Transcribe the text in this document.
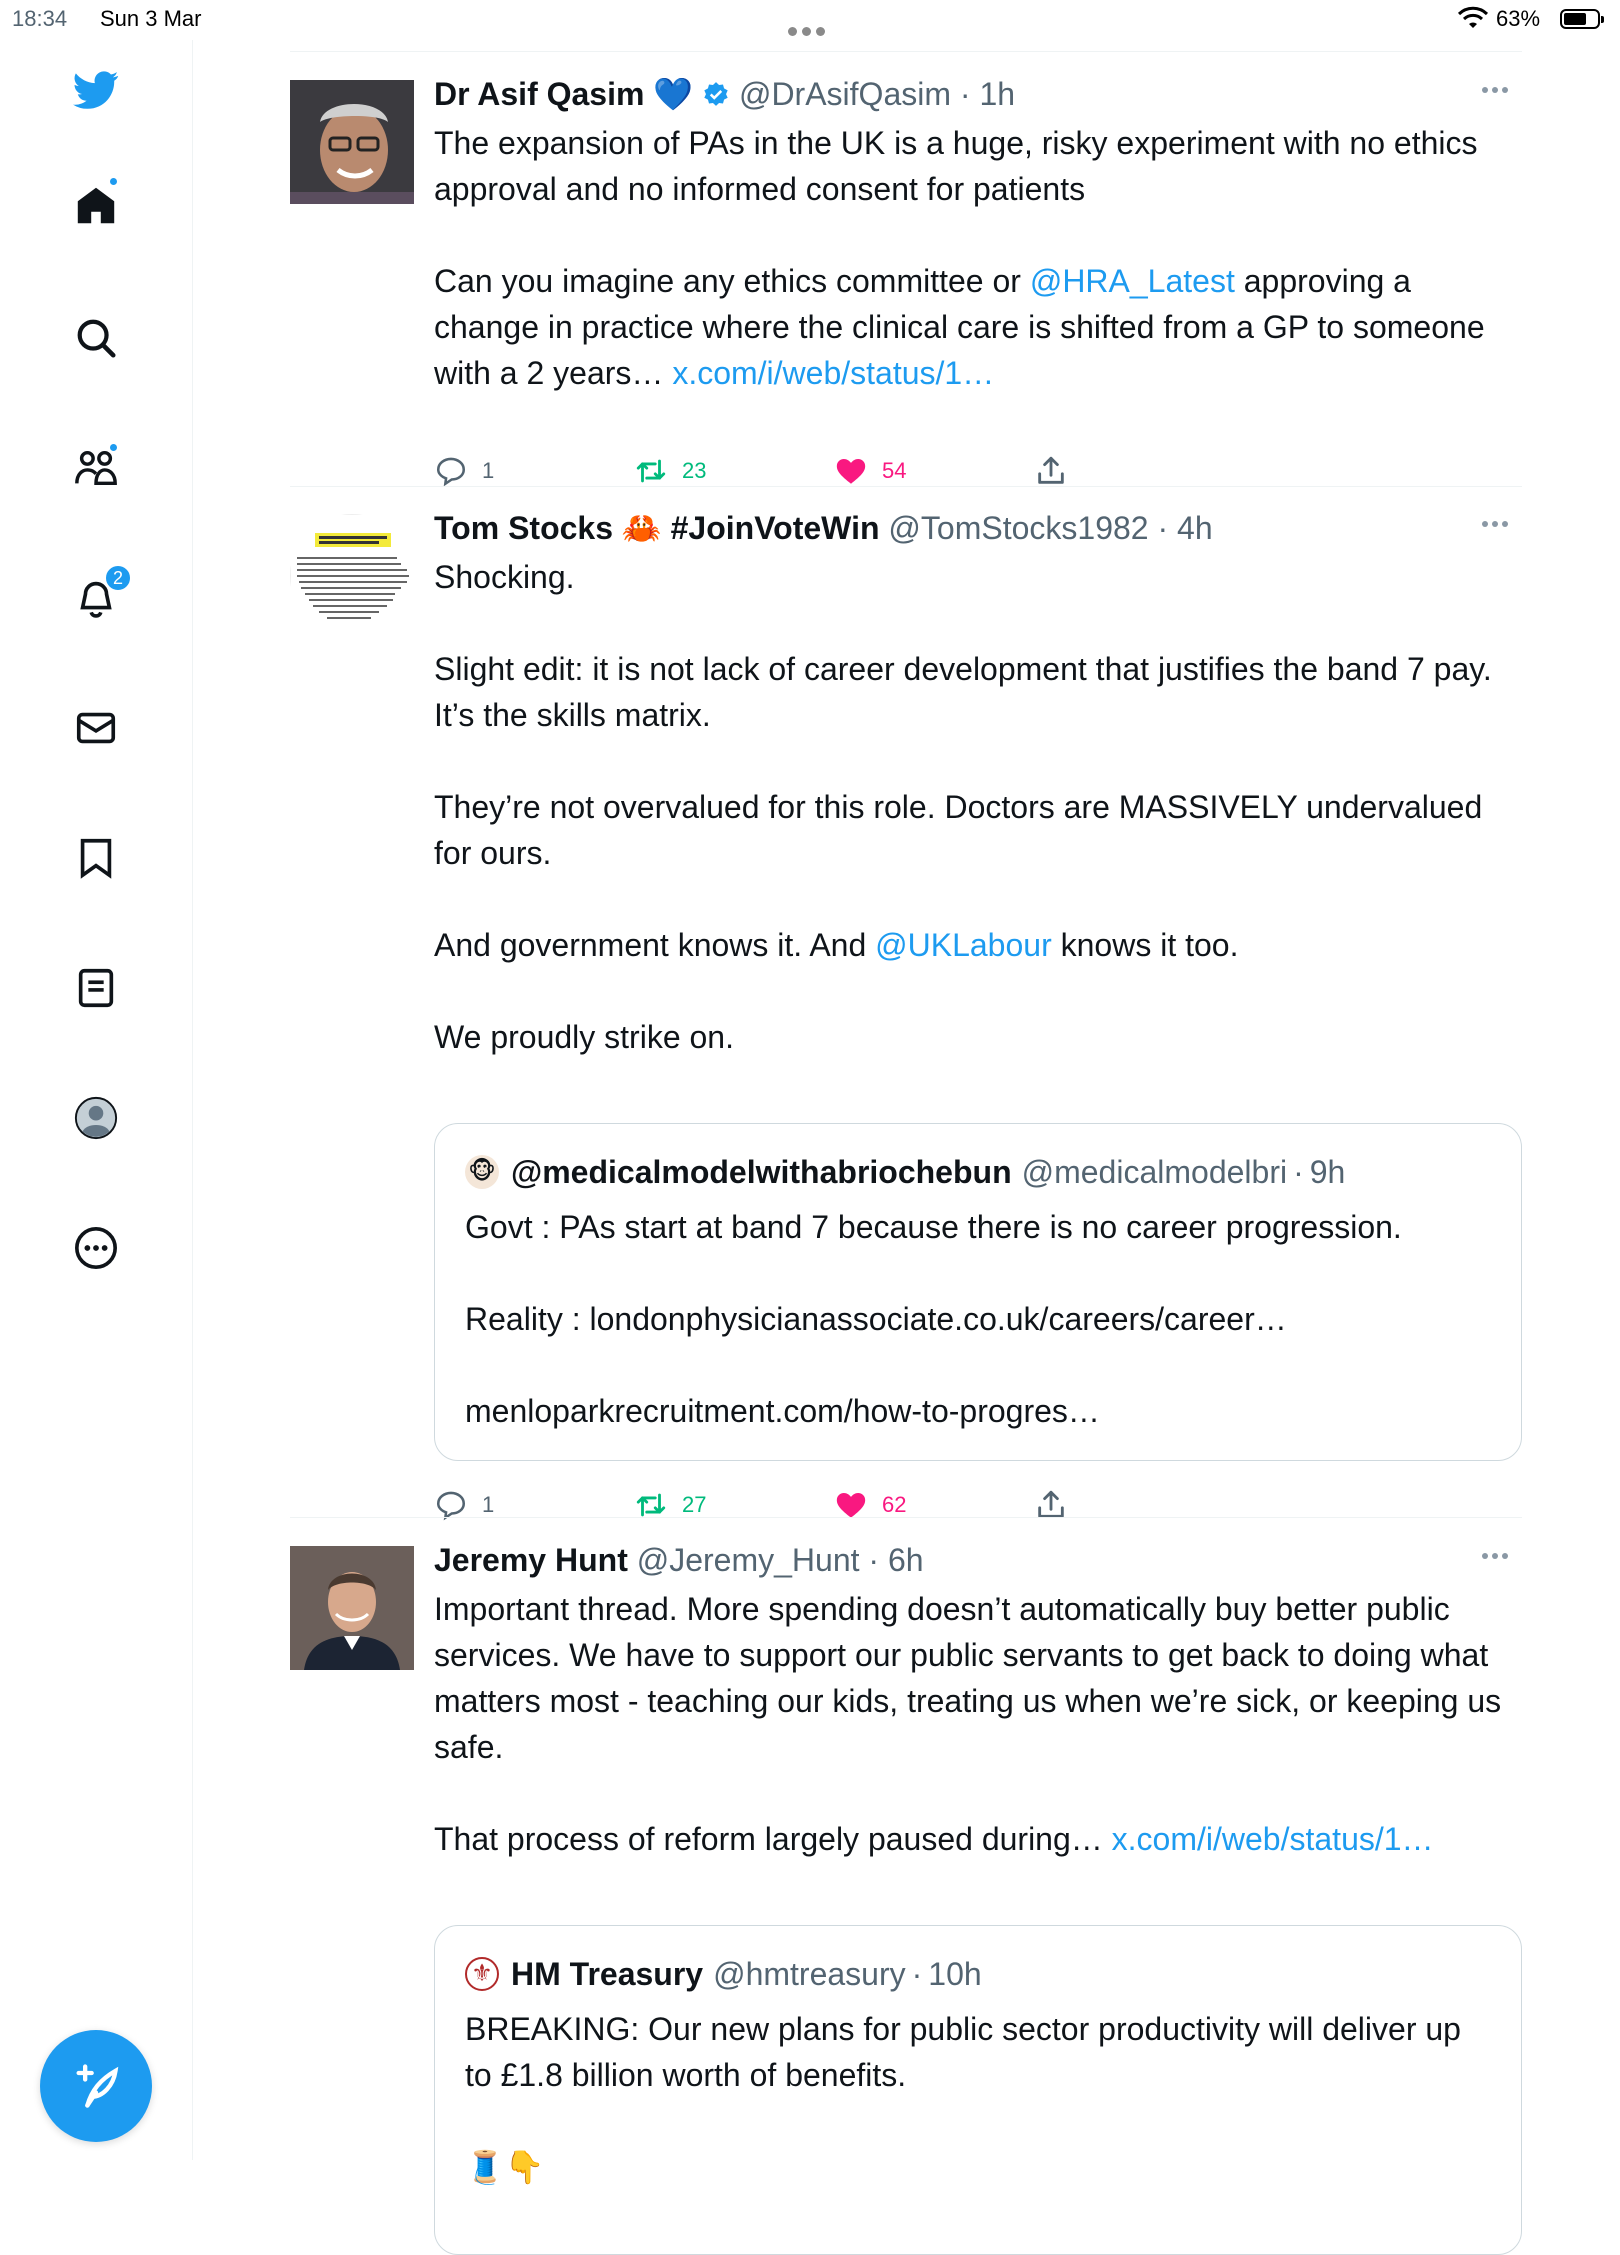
18:34 Sun 3 Mar	63%
2
Dr Asif Qasim 💙 @DrAsifQasim · 1h

The expansion of PAs in the UK is a huge, risky experiment with no ethics approval and no informed consent for patients

Can you imagine any ethics committee or @HRA_Latest approving a change in practice where the clinical care is shifted from a GP to someone with a 2 years… x.com/i/web/status/1…

1	23	54
Tom Stocks 🦀 #JoinVoteWin @TomStocks1982 · 4h

Shocking.

Slight edit: it is not lack of career development that justifies the band 7 pay. It’s the skills matrix.

They’re not overvalued for this role. Doctors are MASSIVELY undervalued for ours.

And government knows it. And @UKLabour knows it too.

We proudly strike on.

🐵 @medicalmodelwithabriochebun @medicalmodelbri · 9h

Govt : PAs start at band 7 because there is no career progression.

Reality : londonphysicianassociate.co.uk/careers/career…

menloparkrecruitment.com/how-to-progres…

1	27	62
Jeremy Hunt @Jeremy_Hunt · 6h

Important thread. More spending doesn’t automatically buy better public services. We have to support our public servants to get back to doing what matters most - teaching our kids, treating us when we’re sick, or keeping us safe.

That process of reform largely paused during… x.com/i/web/status/1…

⚜ HM Treasury @hmtreasury · 10h

BREAKING: Our new plans for public sector productivity will deliver up to £1.8 billion worth of benefits.

🧵👇
